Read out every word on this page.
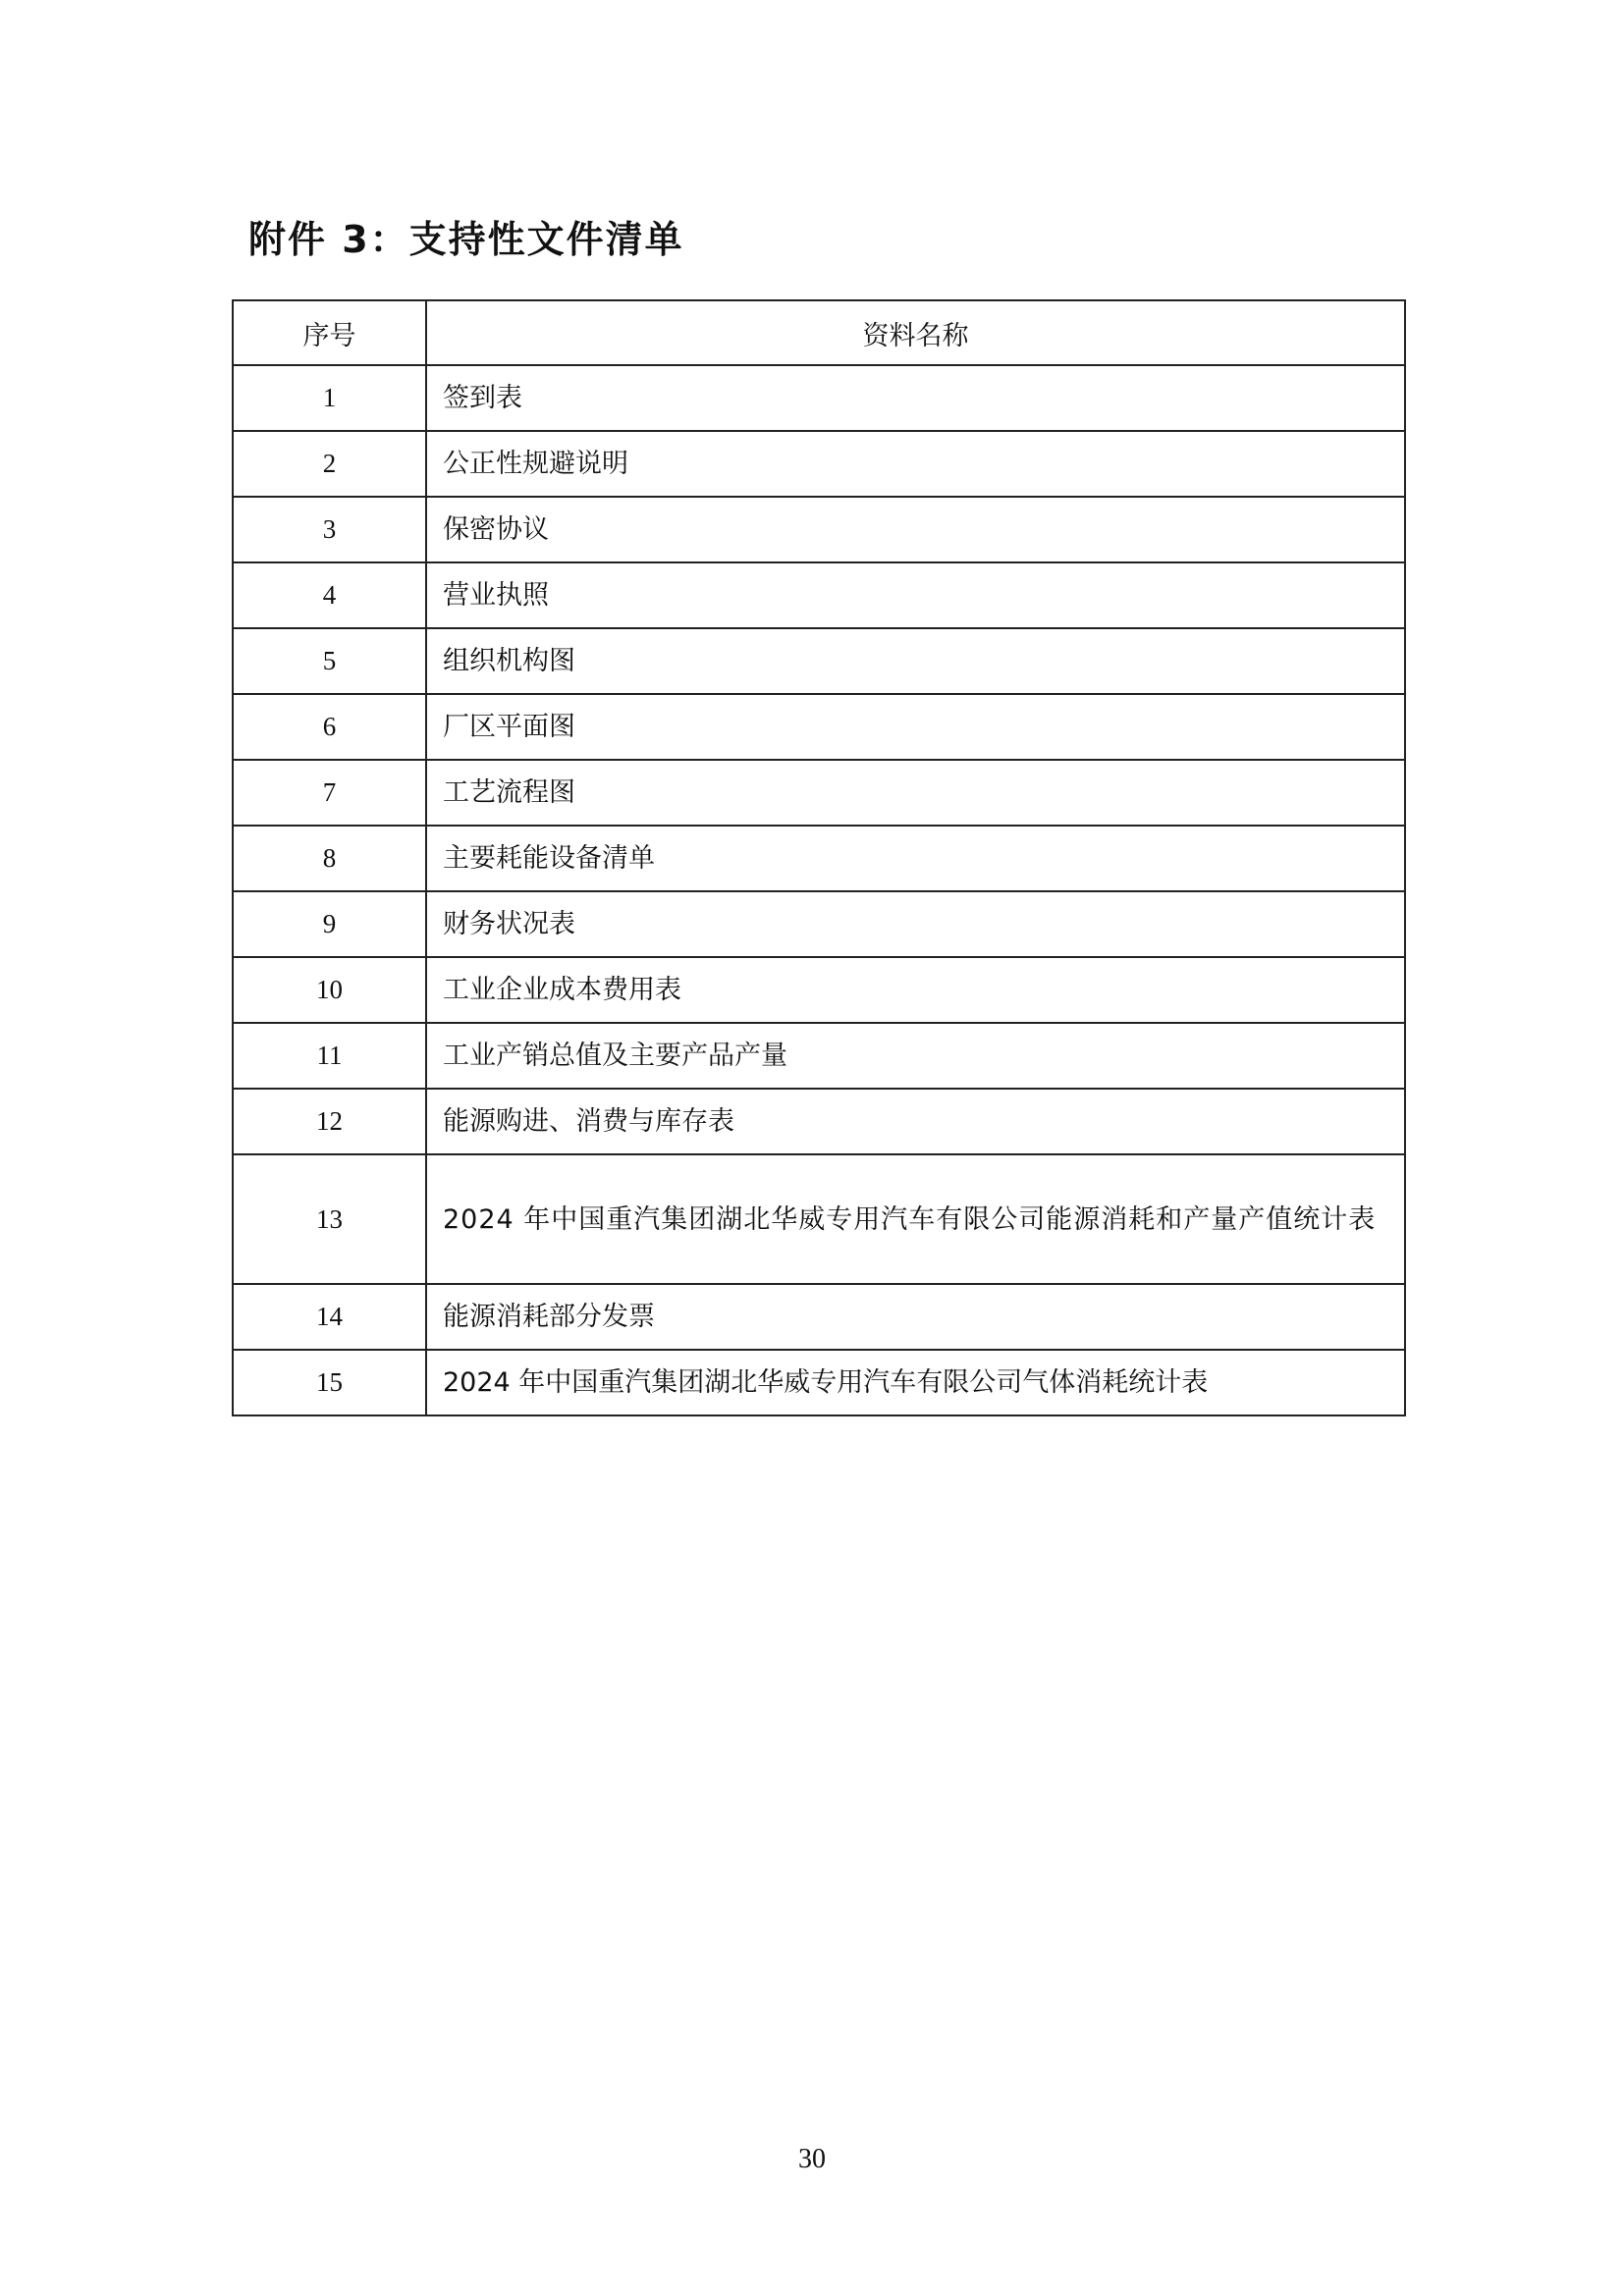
附件 3：支持性文件清单
序号	资料名称
1	签到表
2	公正性规避说明
3	保密协议
4	营业执照
5	组织机构图
6	厂区平面图
7	工艺流程图
8	主要耗能设备清单
9	财务状况表
10	工业企业成本费用表
11	工业产销总值及主要产品产量
12	能源购进、消费与库存表
13	2024 年中国重汽集团湖北华威专用汽车有限公司能源消耗和产量产值统计表
14	能源消耗部分发票
15	2024 年中国重汽集团湖北华威专用汽车有限公司气体消耗统计表
30
